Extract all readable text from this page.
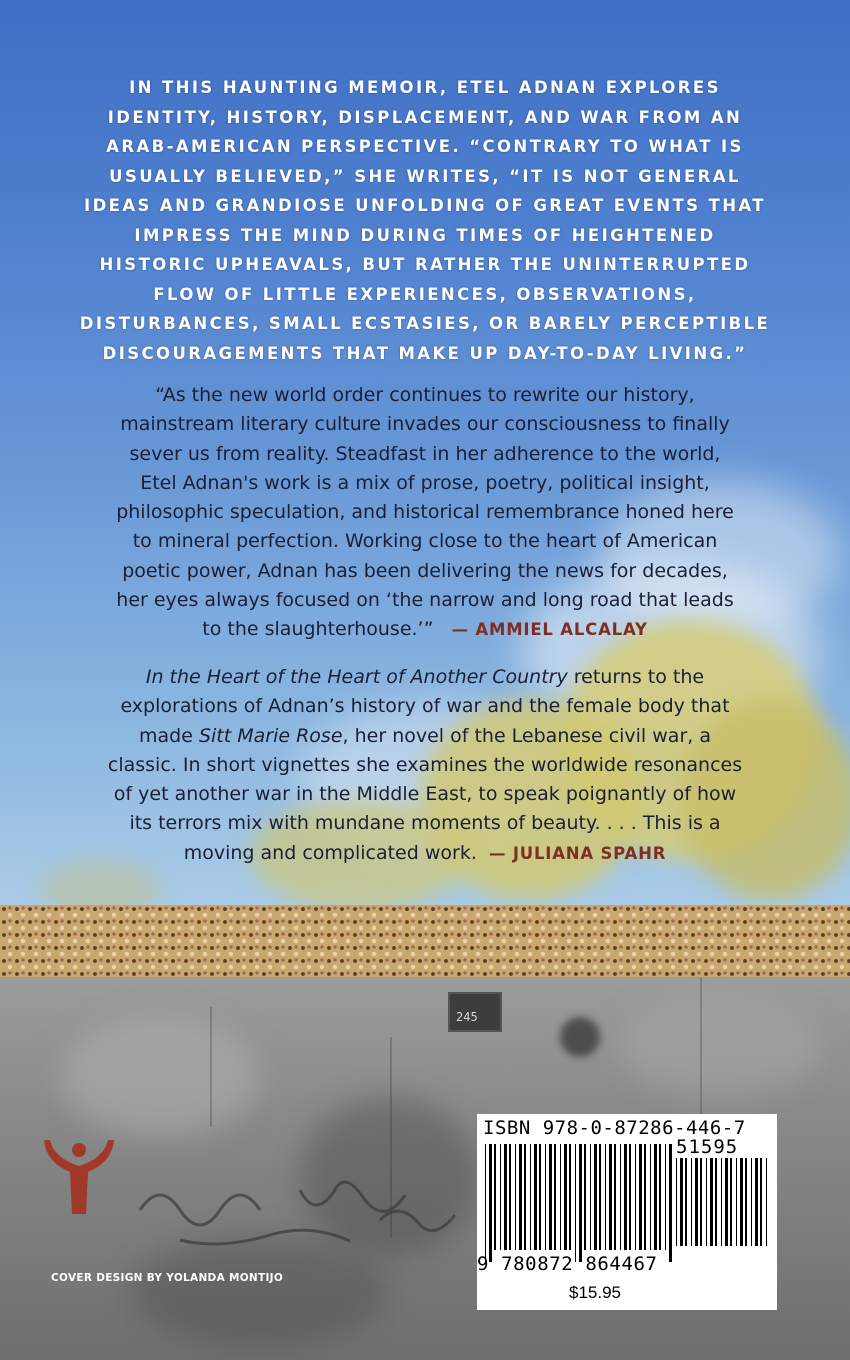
245
IN THIS HAUNTING MEMOIR, ETEL ADNAN EXPLORES
IDENTITY, HISTORY, DISPLACEMENT, AND WAR FROM AN
ARAB-AMERICAN PERSPECTIVE. “CONTRARY TO WHAT IS
USUALLY BELIEVED,” SHE WRITES, “IT IS NOT GENERAL
IDEAS AND GRANDIOSE UNFOLDING OF GREAT EVENTS THAT
IMPRESS THE MIND DURING TIMES OF HEIGHTENED
HISTORIC UPHEAVALS, BUT RATHER THE UNINTERRUPTED
FLOW OF LITTLE EXPERIENCES, OBSERVATIONS,
DISTURBANCES, SMALL ECSTASIES, OR BARELY PERCEPTIBLE
DISCOURAGEMENTS THAT MAKE UP DAY-TO-DAY LIVING.”
“As the new world order continues to rewrite our history,
mainstream literary culture invades our consciousness to finally
sever us from reality. Steadfast in her adherence to the world,
Etel Adnan's work is a mix of prose, poetry, political insight,
philosophic speculation, and historical remembrance honed here
to mineral perfection. Working close to the heart of American
poetic power, Adnan has been delivering the news for decades,
her eyes always focused on ‘the narrow and long road that leads
to the slaughterhouse.’” — AMMIEL ALCALAY
In the Heart of the Heart of Another Country returns to the
explorations of Adnan’s history of war and the female body that
made Sitt Marie Rose, her novel of the Lebanese civil war, a
classic. In short vignettes she examines the worldwide resonances
of yet another war in the Middle East, to speak poignantly of how
its terrors mix with mundane moments of beauty. . . . This is a
moving and complicated work. — JULIANA SPAHR
COVER DESIGN BY YOLANDA MONTIJO
ISBN 978-0-87286-446-7
51595
9 780872 864467
$15.95
